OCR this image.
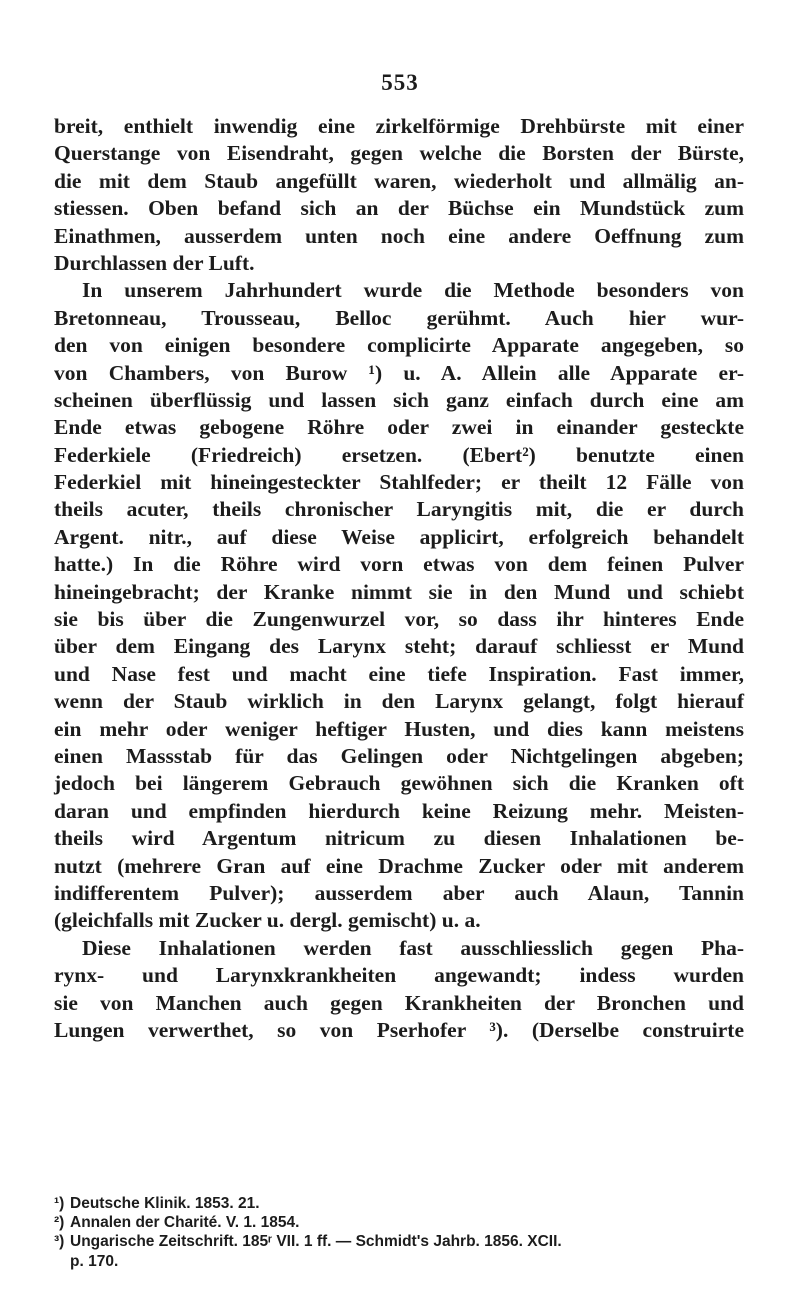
553
breit, enthielt inwendig eine zirkelförmige Drehbürste mit einer
Querstange von Eisendraht, gegen welche die Borsten der Bürste,
die mit dem Staub angefüllt waren, wiederholt und allmälig an-
stiessen. Oben befand sich an der Büchse ein Mundstück zum
Einathmen, ausserdem unten noch eine andere Oeffnung zum
Durchlassen der Luft.
In unserem Jahrhundert wurde die Methode besonders von
Bretonneau, Trousseau, Belloc gerühmt. Auch hier wur-
den von einigen besondere complicirte Apparate angegeben, so
von Chambers, von Burow ¹) u. A. Allein alle Apparate er-
scheinen überflüssig und lassen sich ganz einfach durch eine am
Ende etwas gebogene Röhre oder zwei in einander gesteckte
Federkiele (Friedreich) ersetzen. (Ebert²) benutzte einen
Federkiel mit hineingesteckter Stahlfeder; er theilt 12 Fälle von
theils acuter, theils chronischer Laryngitis mit, die er durch
Argent. nitr., auf diese Weise applicirt, erfolgreich behandelt
hatte.) In die Röhre wird vorn etwas von dem feinen Pulver
hineingebracht; der Kranke nimmt sie in den Mund und schiebt
sie bis über die Zungenwurzel vor, so dass ihr hinteres Ende
über dem Eingang des Larynx steht; darauf schliesst er Mund
und Nase fest und macht eine tiefe Inspiration. Fast immer,
wenn der Staub wirklich in den Larynx gelangt, folgt hierauf
ein mehr oder weniger heftiger Husten, und dies kann meistens
einen Massstab für das Gelingen oder Nichtgelingen abgeben;
jedoch bei längerem Gebrauch gewöhnen sich die Kranken oft
daran und empfinden hierdurch keine Reizung mehr. Meisten-
theils wird Argentum nitricum zu diesen Inhalationen be-
nutzt (mehrere Gran auf eine Drachme Zucker oder mit anderem
indifferentem Pulver); ausserdem aber auch Alaun, Tannin
(gleichfalls mit Zucker u. dergl. gemischt) u. a.
Diese Inhalationen werden fast ausschliesslich gegen Pha-
rynx- und Larynxkrankheiten angewandt; indess wurden
sie von Manchen auch gegen Krankheiten der Bronchen und
Lungen verwerthet, so von Pserhofer ³). (Derselbe construirte
¹) Deutsche Klinik. 1853. 21.
²) Annalen der Charité. V. 1. 1854.
³) Ungarische Zeitschrift. 185ʳ VII. 1 ff. — Schmidt's Jahrb. 1856. XCII.
p. 170.
